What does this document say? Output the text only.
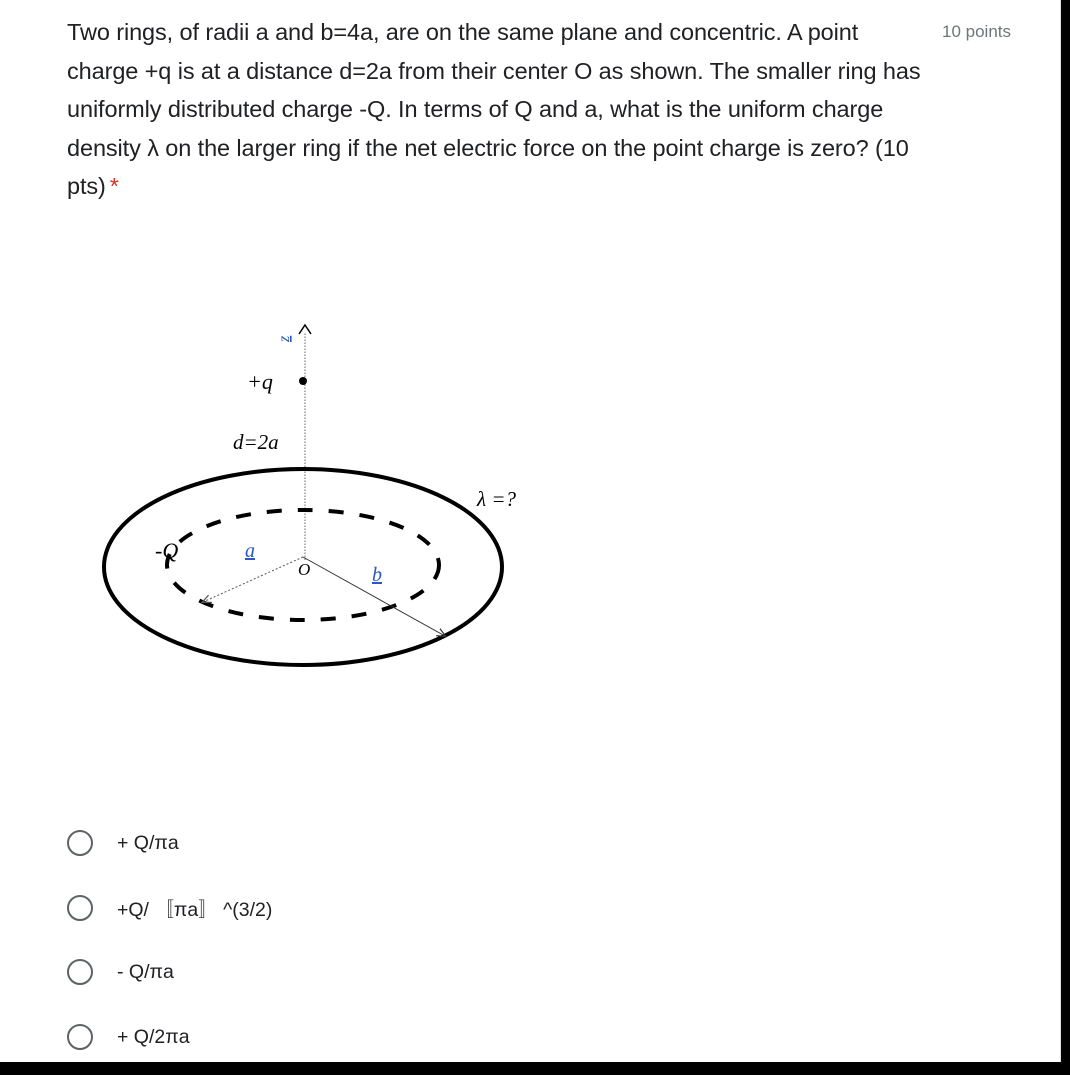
Two rings, of radii a and b=4a, are on the same plane and concentric. A point charge +q is at a distance d=2a from their center O as shown. The smaller ring has uniformly distributed charge -Q. In terms of Q and a, what is the uniform charge density λ on the larger ring if the net electric force on the point charge is zero? (10 pts) *
10 points
z
+q
d=2a
λ =?
-Q	a
O	b
+ Q/πa
+Q/ 〚πa〛 ^(3/2)
- Q/πa
+ Q/2πa
